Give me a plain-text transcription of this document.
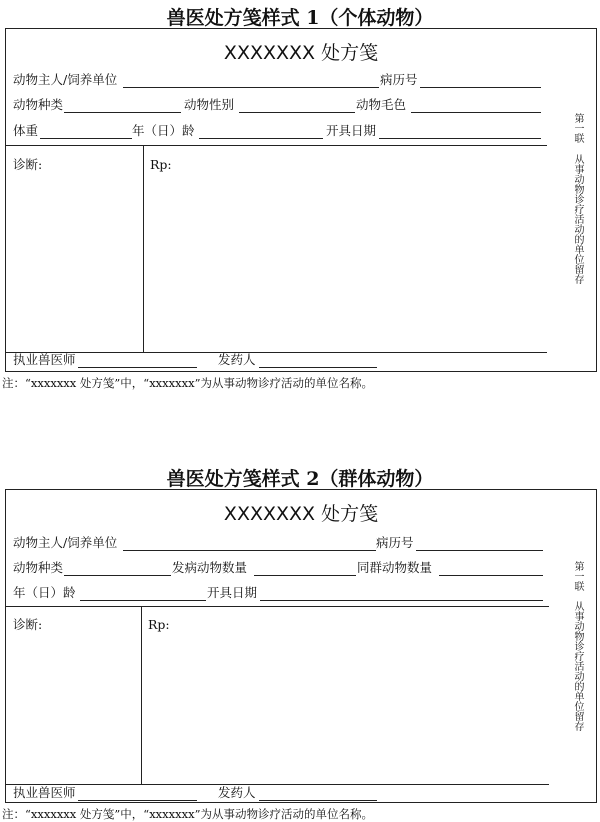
兽医处方笺样式 1（个体动物）
XXXXXXX 处方笺
动物主人/饲养单位	病历号
动物种类	动物性别	动物毛色
体重	年（日）龄	开具日期
诊断:	Rp:
执业兽医师	发药人
第一联
从事动物诊疗活动的单位留存
注：“xxxxxxx 处方笺”中，“xxxxxxx”为从事动物诊疗活动的单位名称。
兽医处方笺样式 2（群体动物）
XXXXXXX 处方笺
动物主人/饲养单位	病历号
动物种类	发病动物数量	同群动物数量
年（日）龄	开具日期
诊断:	Rp:
执业兽医师	发药人
第一联
从事动物诊疗活动的单位留存
注：“xxxxxxx 处方笺”中，“xxxxxxx”为从事动物诊疗活动的单位名称。
